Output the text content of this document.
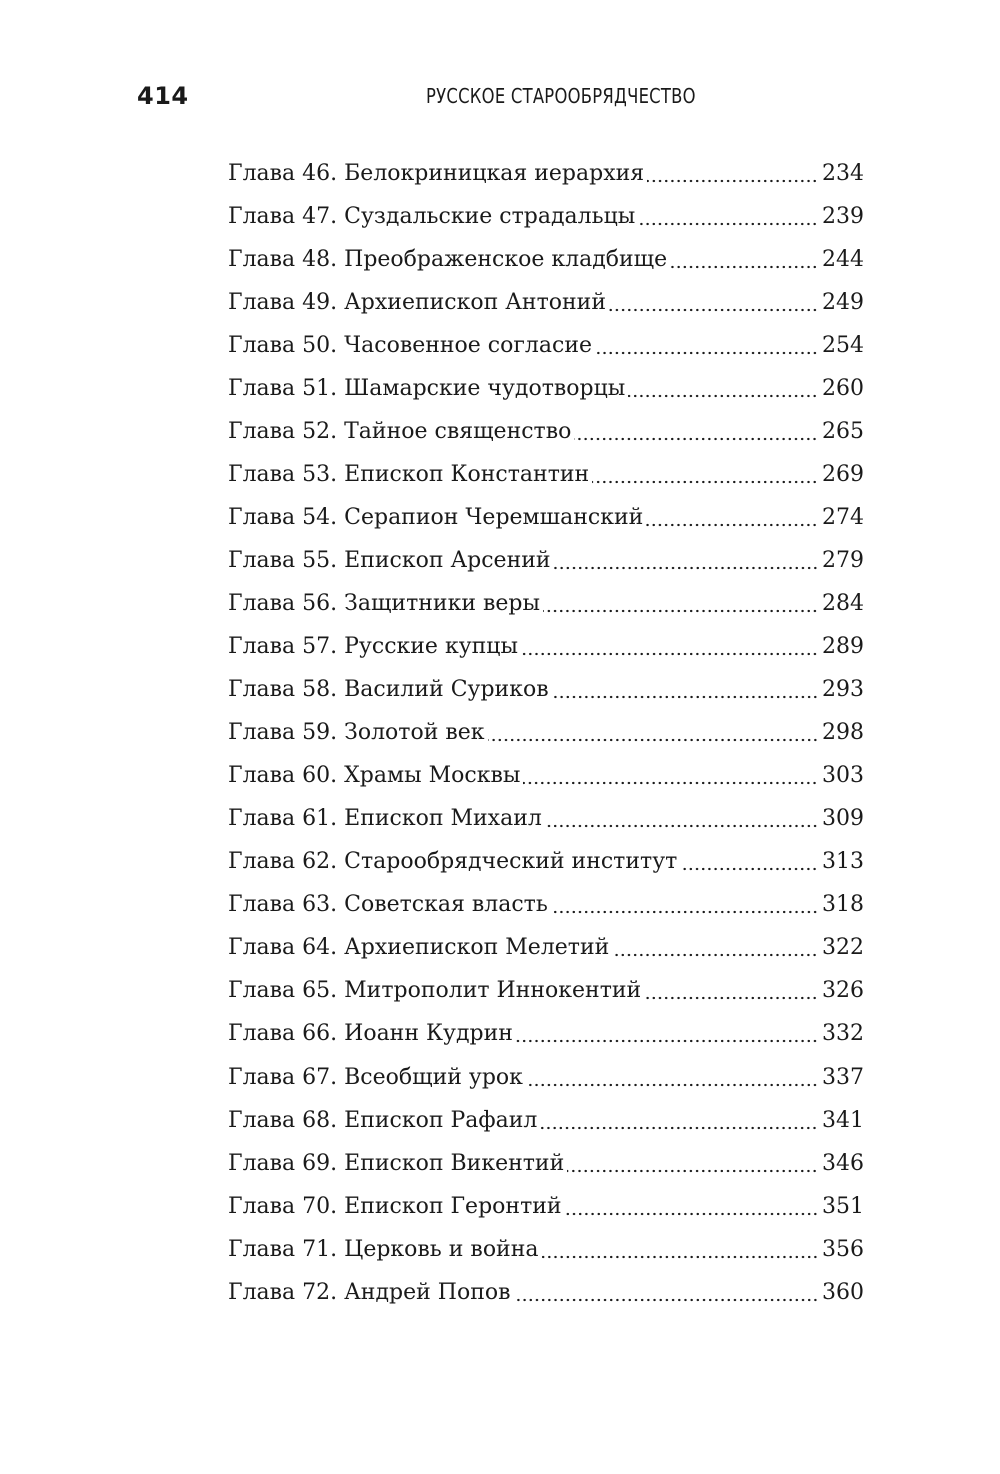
414	РУССКОЕ СТАРООБРЯДЧЕСТВО
Глава 46. Белокриницкая иерархия	234
Глава 47. Суздальские страдальцы	239
Глава 48. Преображенское кладбище	244
Глава 49. Архиепископ Антоний	249
Глава 50. Часовенное согласие	254
Глава 51. Шамарские чудотворцы	260
Глава 52. Тайное священство	265
Глава 53. Епископ Константин	269
Глава 54. Серапион Черемшанский	274
Глава 55. Епископ Арсений	279
Глава 56. Защитники веры	284
Глава 57. Русские купцы	289
Глава 58. Василий Суриков	293
Глава 59. Золотой век	298
Глава 60. Храмы Москвы	303
Глава 61. Епископ Михаил	309
Глава 62. Старообрядческий институт	313
Глава 63. Советская власть	318
Глава 64. Архиепископ Мелетий	322
Глава 65. Митрополит Иннокентий	326
Глава 66. Иоанн Кудрин	332
Глава 67. Всеобщий урок	337
Глава 68. Епископ Рафаил	341
Глава 69. Епископ Викентий	346
Глава 70. Епископ Геронтий	351
Глава 71. Церковь и война	356
Глава 72. Андрей Попов	360
